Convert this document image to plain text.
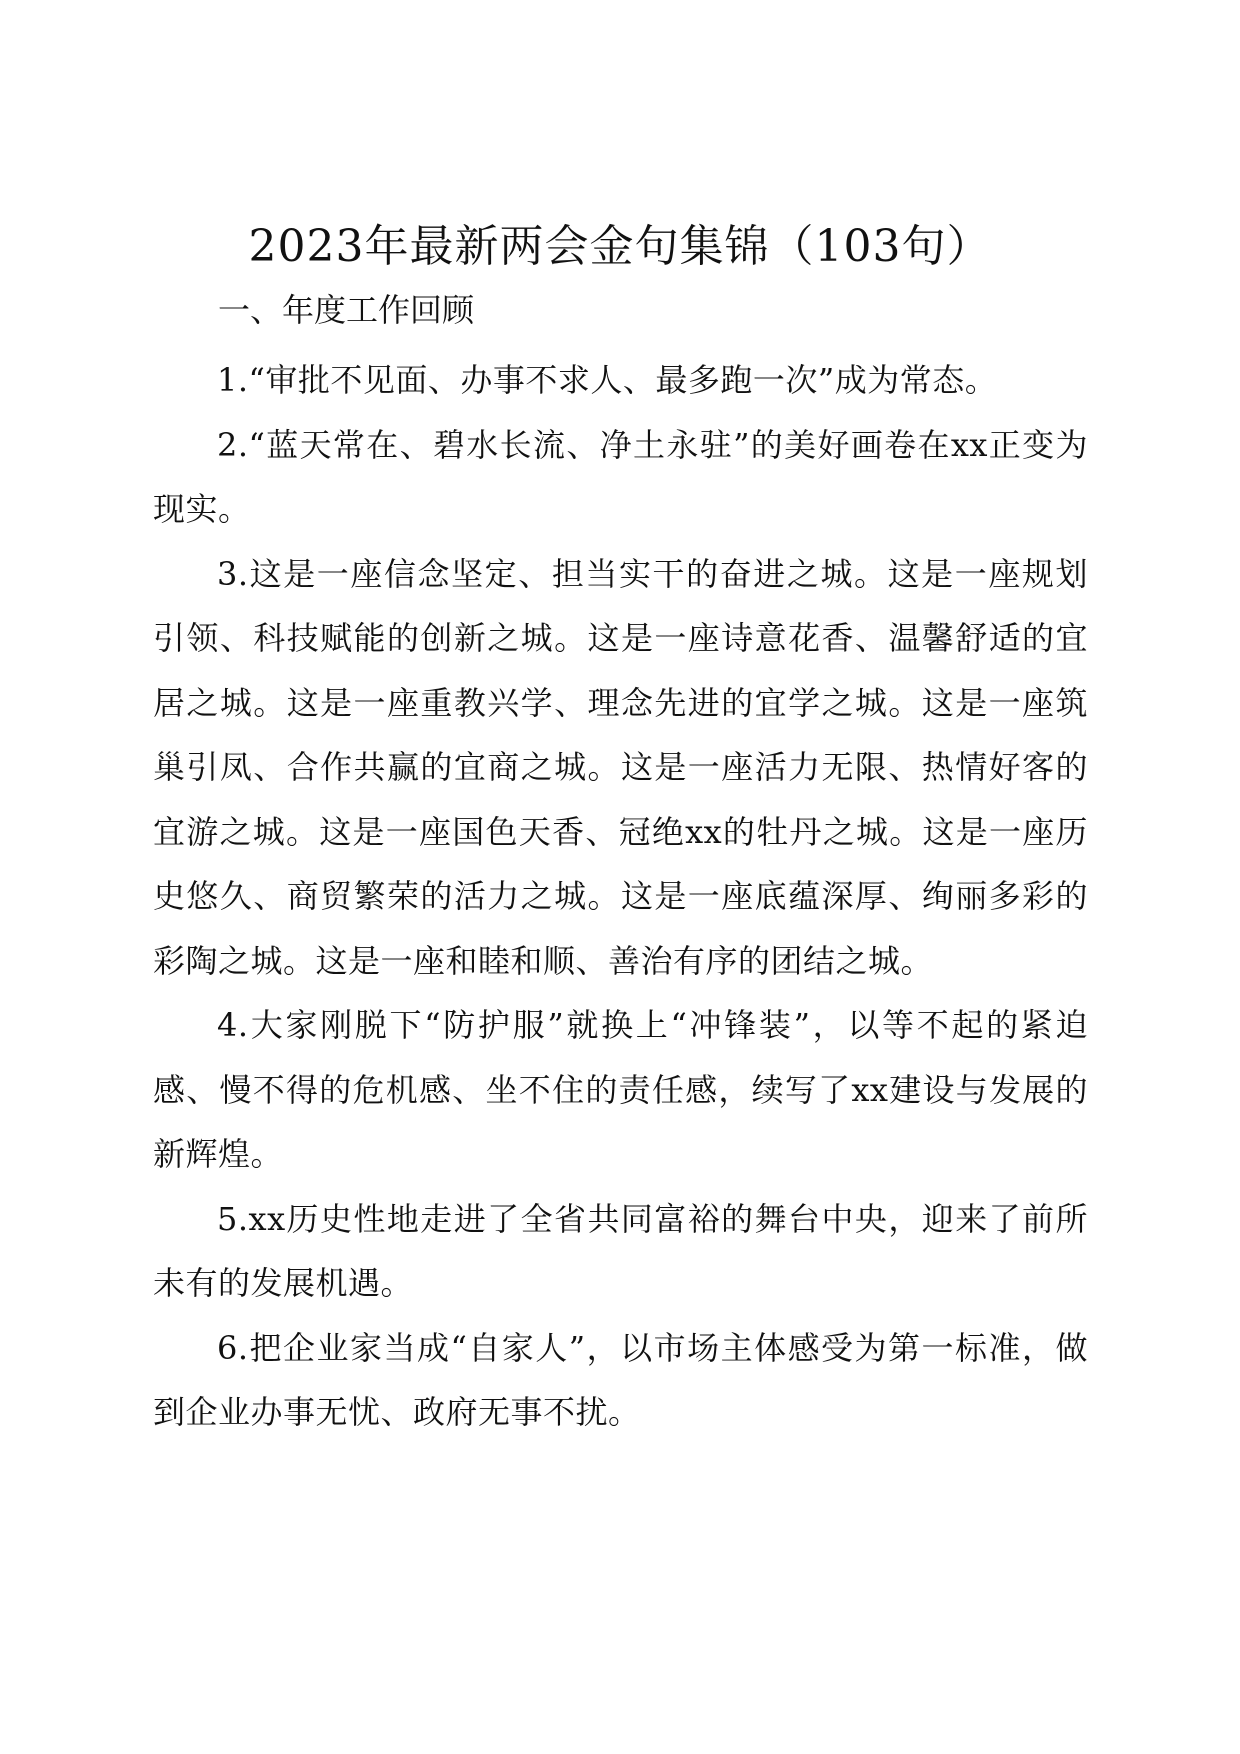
2023年最新两会金句集锦（103句）
一、年度工作回顾

1.“审批不见面、办事不求人、最多跑一次”成为常态。

2.“蓝天常在、碧水长流、净土永驻”的美好画卷在xx正变为现实。

3.这是一座信念坚定、担当实干的奋进之城。这是一座规划引领、科技赋能的创新之城。这是一座诗意花香、温馨舒适的宜居之城。这是一座重教兴学、理念先进的宜学之城。这是一座筑巢引凤、合作共赢的宜商之城。这是一座活力无限、热情好客的宜游之城。这是一座国色天香、冠绝xx的牡丹之城。这是一座历史悠久、商贸繁荣的活力之城。这是一座底蕴深厚、绚丽多彩的彩陶之城。这是一座和睦和顺、善治有序的团结之城。

4.大家刚脱下“防护服”就换上“冲锋装”，以等不起的紧迫感、慢不得的危机感、坐不住的责任感，续写了xx建设与发展的新辉煌。

5.xx历史性地走进了全省共同富裕的舞台中央，迎来了前所未有的发展机遇。

6.把企业家当成“自家人”，以市场主体感受为第一标准，做到企业办事无忧、政府无事不扰。
